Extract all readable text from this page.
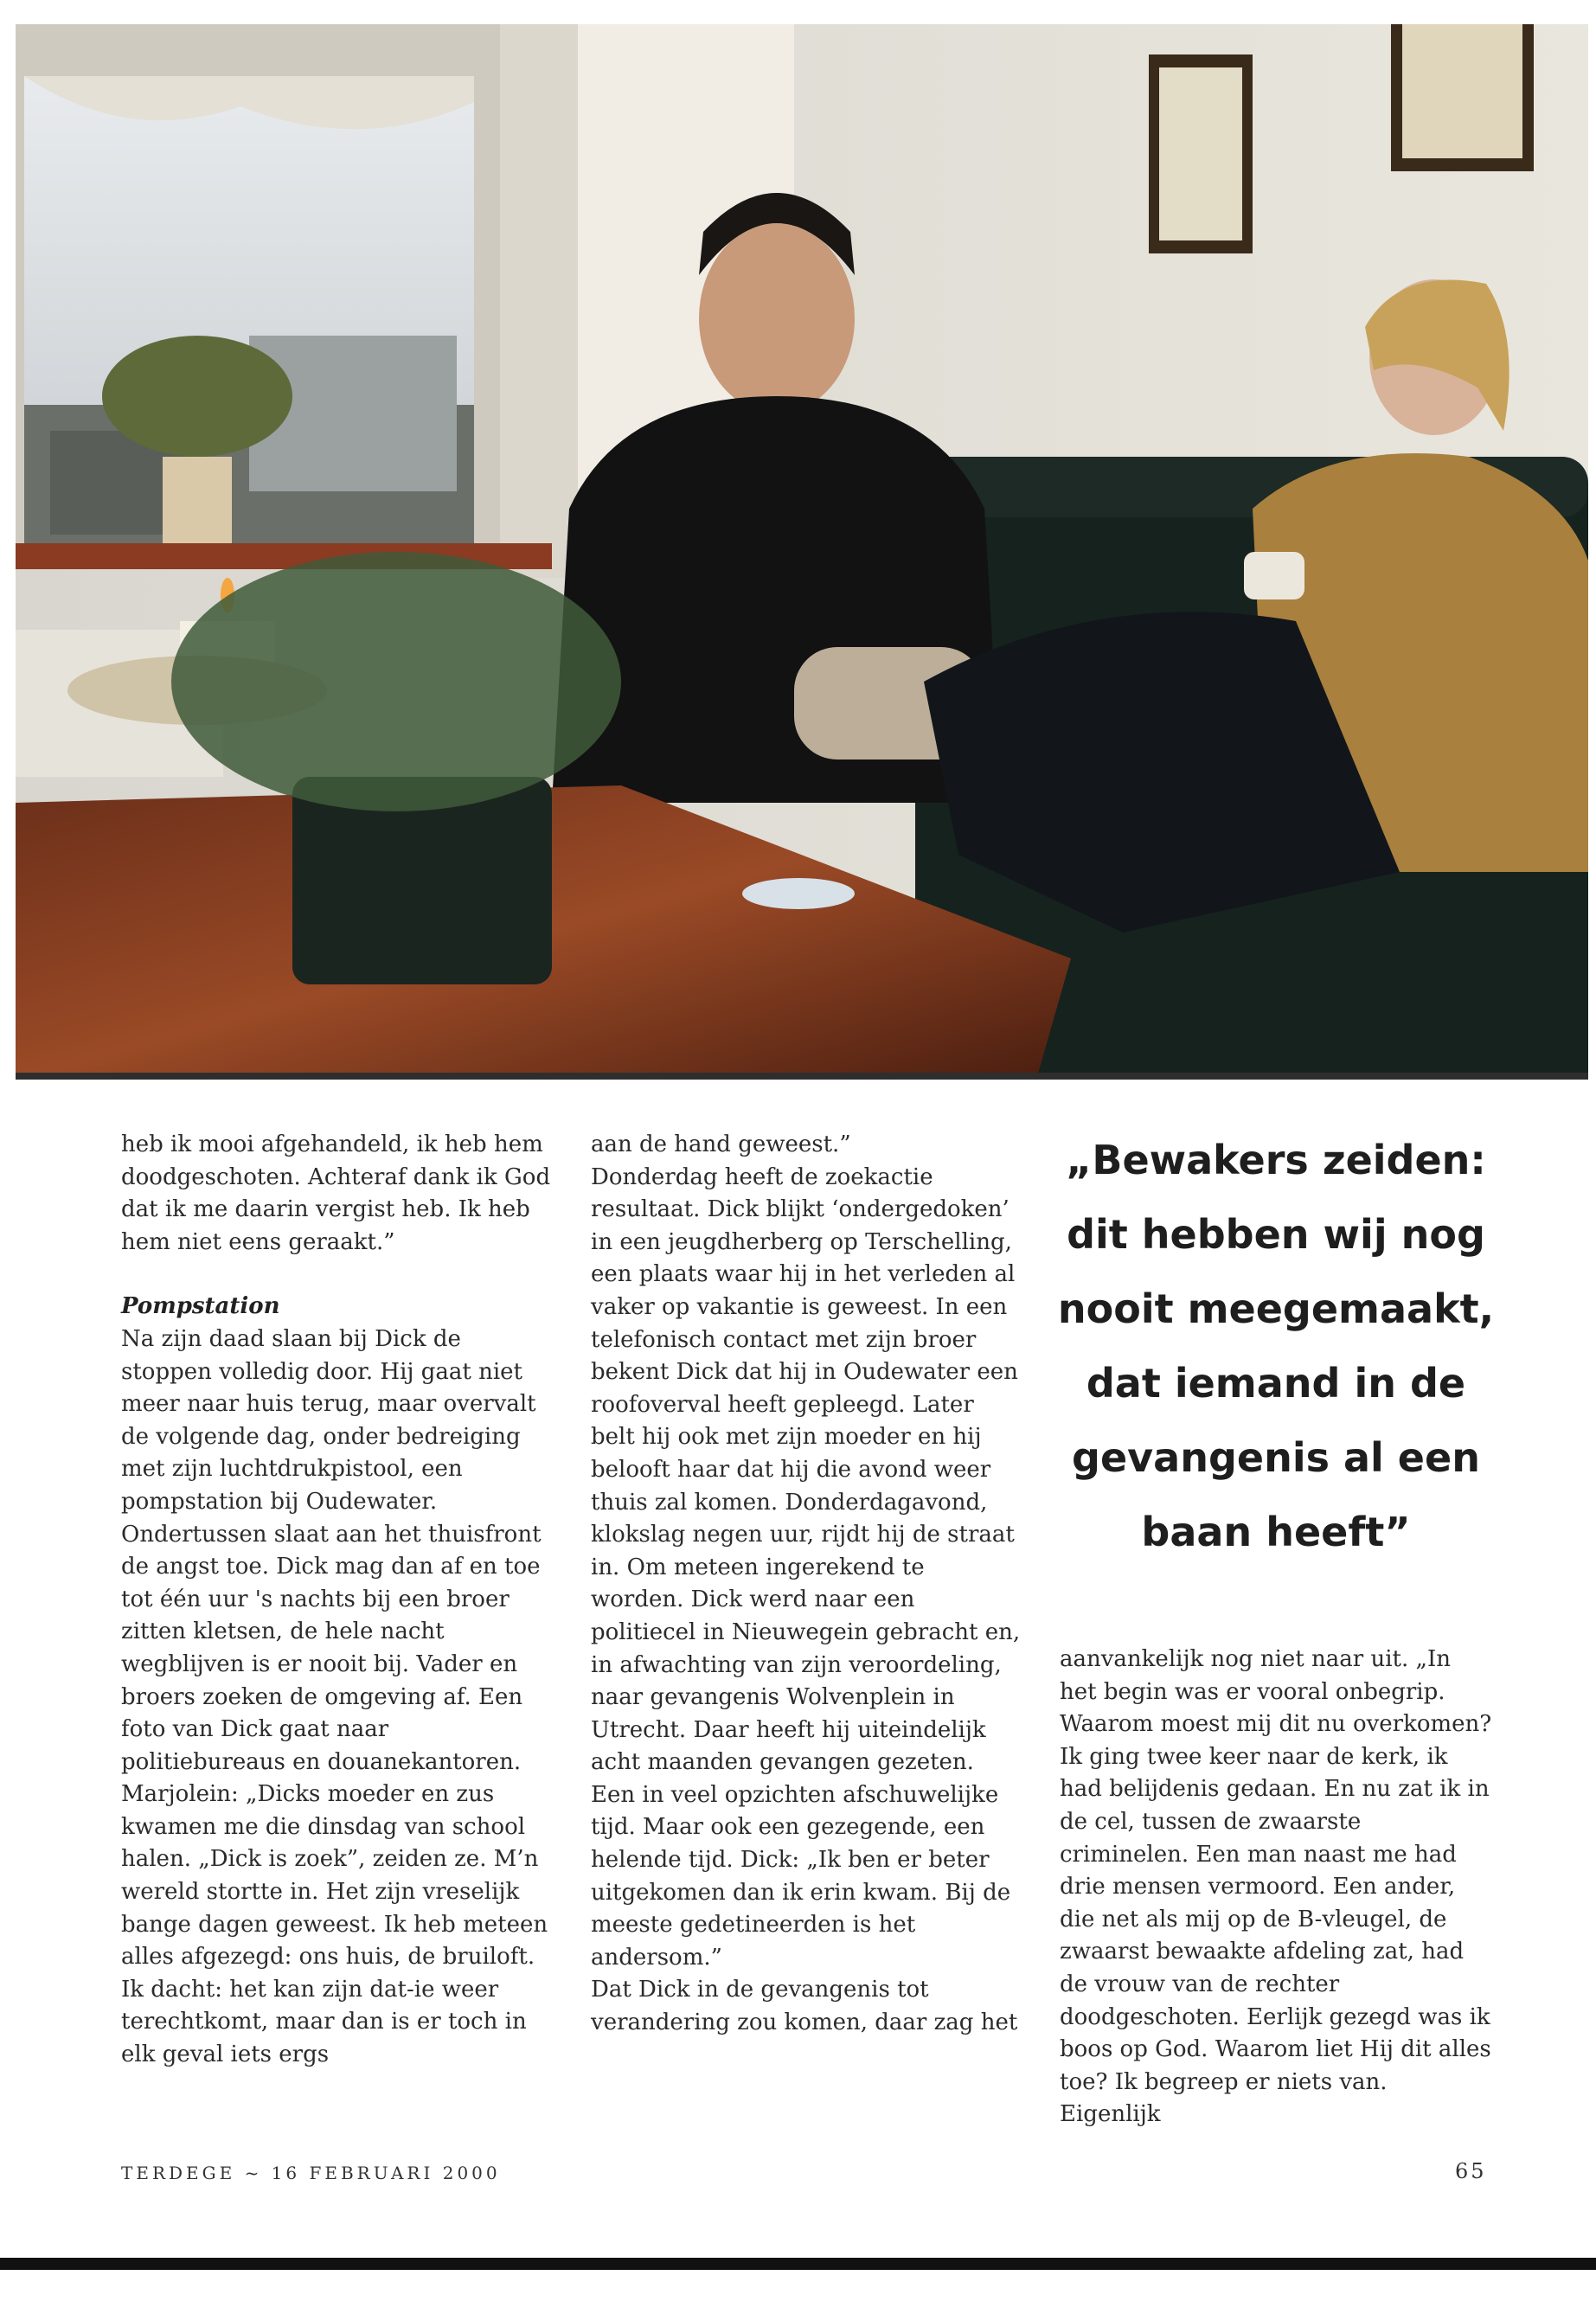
heb ik mooi afgehandeld, ik heb hem doodgeschoten. Achteraf dank ik God dat ik me daarin vergist heb. Ik heb hem niet eens geraakt.”

Pompstation

Na zijn daad slaan bij Dick de stoppen volledig door. Hij gaat niet meer naar huis terug, maar overvalt de volgende dag, onder bedreiging met zijn luchtdrukpistool, een pompstation bij Oudewater. Ondertussen slaat aan het thuisfront de angst toe. Dick mag dan af en toe tot één uur 's nachts bij een broer zitten kletsen, de hele nacht wegblijven is er nooit bij. Vader en broers zoeken de omgeving af. Een foto van Dick gaat naar politiebureaus en douanekantoren.

Marjolein: „Dicks moeder en zus kwamen me die dinsdag van school halen. „Dick is zoek”, zeiden ze. M’n wereld stortte in. Het zijn vreselijk bange dagen geweest. Ik heb meteen alles afgezegd: ons huis, de bruiloft. Ik dacht: het kan zijn dat-ie weer terechtkomt, maar dan is er toch in elk geval iets ergs

aan de hand geweest.”

Donderdag heeft de zoekactie resultaat. Dick blijkt ‘ondergedoken’ in een jeugdherberg op Terschelling, een plaats waar hij in het verleden al vaker op vakantie is geweest. In een telefonisch contact met zijn broer bekent Dick dat hij in Oudewater een roofoverval heeft gepleegd. Later belt hij ook met zijn moeder en hij belooft haar dat hij die avond weer thuis zal komen. Donderdagavond, klokslag negen uur, rijdt hij de straat in. Om meteen ingerekend te worden. Dick werd naar een politiecel in Nieuwegein gebracht en, in afwachting van zijn veroordeling, naar gevangenis Wolvenplein in Utrecht. Daar heeft hij uiteindelijk acht maanden gevangen gezeten. Een in veel opzichten afschuwelijke tijd. Maar ook een gezegende, een helende tijd. Dick: „Ik ben er beter uitgekomen dan ik erin kwam. Bij de meeste gedetineerden is het andersom.”

Dat Dick in de gevangenis tot verandering zou komen, daar zag het

„Bewakers zeiden: dit hebben wij nog nooit meegemaakt, dat iemand in de gevangenis al een baan heeft”

aanvankelijk nog niet naar uit. „In het begin was er vooral onbegrip. Waarom moest mij dit nu overkomen? Ik ging twee keer naar de kerk, ik had belijdenis gedaan. En nu zat ik in de cel, tussen de zwaarste criminelen. Een man naast me had drie mensen vermoord. Een ander, die net als mij op de B-vleugel, de zwaarst bewaakte afdeling zat, had de vrouw van de rechter doodgeschoten. Eerlijk gezegd was ik boos op God. Waarom liet Hij dit alles toe? Ik begreep er niets van. Eigenlijk

TERDEGE ~ 16 FEBRUARI 2000	65
